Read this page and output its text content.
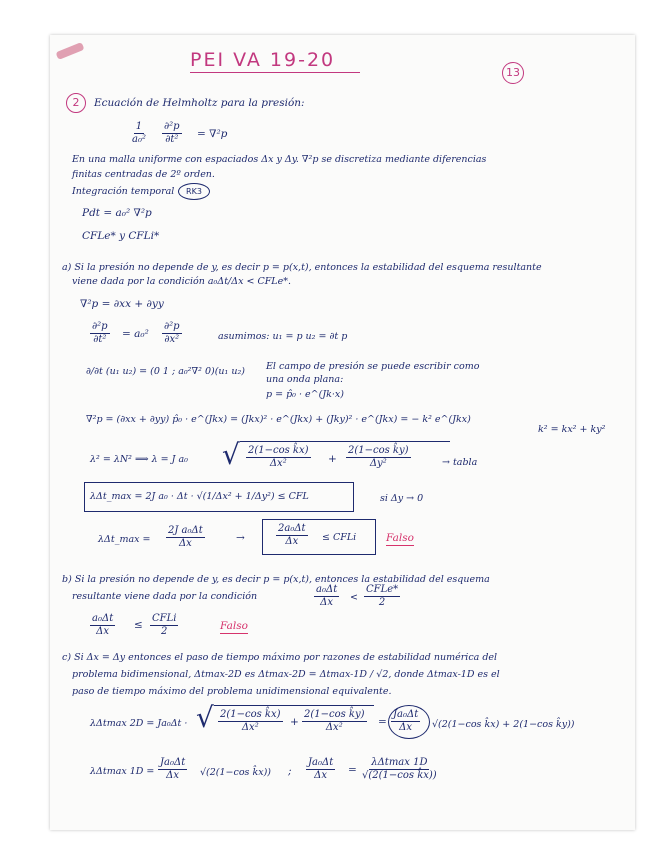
PEI VA 19-20
13
2	Ecuación de Helmholtz para la presión:
$\frac{1}{\text{a₀²}} \frac{\text{∂²p}}{\text{∂t²}} = \nabla^2p$
En una malla uniforme con espaciados Δx y Δy. ∇²p se discretiza mediante diferencias
finitas centradas de 2º orden.
Integración temporal	RK3
Pdt = a₀² ∇²p
CFLe* y CFLi*
a) Si la presión no depende de y, es decir p = p(x,t), entonces la estabilidad del esquema resultante
viene dada por la condición a₀Δt/Δx < CFLe*.
∇²p = ∂xx + ∂yy
$\frac{\text{∂²p}}{\text{∂t²}} = a_0^2 \frac{\text{∂²p}}{\text{∂x²}}$	asumimos: u₁ = p u₂ = ∂t p
∂/∂t (u₁ u₂) = (0 1 ; a₀²∇² 0)(u₁ u₂) El campo de presión se puede escribir como
una onda plana:
p = p̂₀ · e^(Jk·x)
∇²p = (∂xx + ∂yy) p̂₀ · e^(Jkx) = (Jkx)² · e^(Jkx) + (Jky)² · e^(Jkx) = − k² e^(Jkx)
k² = kx² + ky²
λ² = λN² ⟹ λ = J a₀ √ $\frac{\text{2(1−cos k̂x)}}{\text{Δx²}} + \frac{\text{2(1−cos k̂y)}}{\text{Δy²}}$	→ tabla
λΔt_max = 2J a₀ · Δt · √(1/Δx² + 1/Δy²) ≤ CFL	si Δy → 0
λΔt_max = $\frac{\text{2J a₀Δt}}{\Delta x}$	→	$\frac{\text{2a₀Δt}}{\Delta x}$ ≤ CFLi	Falso
b) Si la presión no depende de y, es decir p = p(x,t), entonces la estabilidad del esquema
resultante viene dada por la condición	$\frac{\text{a₀Δt}}{\Delta x}$ <
CFLe*
2
$\frac{\text{a₀Δt}}{\Delta x}$ ≤
CFLi
2	Falso
c) Si Δx = Δy entonces el paso de tiempo máximo por razones de estabilidad numérica del
problema bidimensional, Δtmax-2D es Δtmax-2D = Δtmax-1D / √2, donde Δtmax-1D es el
paso de tiempo máximo del problema unidimensional equivalente.
λΔtmax 2D = Ja₀Δt · √ $\frac{\text{2(1−cos k̂x)}}{\text{Δx²}} + \frac{\text{2(1−cos k̂y)}}{\text{Δx²}} = \frac{\text{Ja₀Δt}}{\Delta x} √(2(1-\cos$ k̂x) + 2(1−cos k̂y))
λΔtmax $1D = \frac{\text{Ja₀Δt}}{\Delta x} √(2(1-\cos$ k̂x)) ; $\frac{\text{Ja₀Δt}}{\Delta x}$ =
λΔtmax 1D
√(2(1−cos k̂x))
